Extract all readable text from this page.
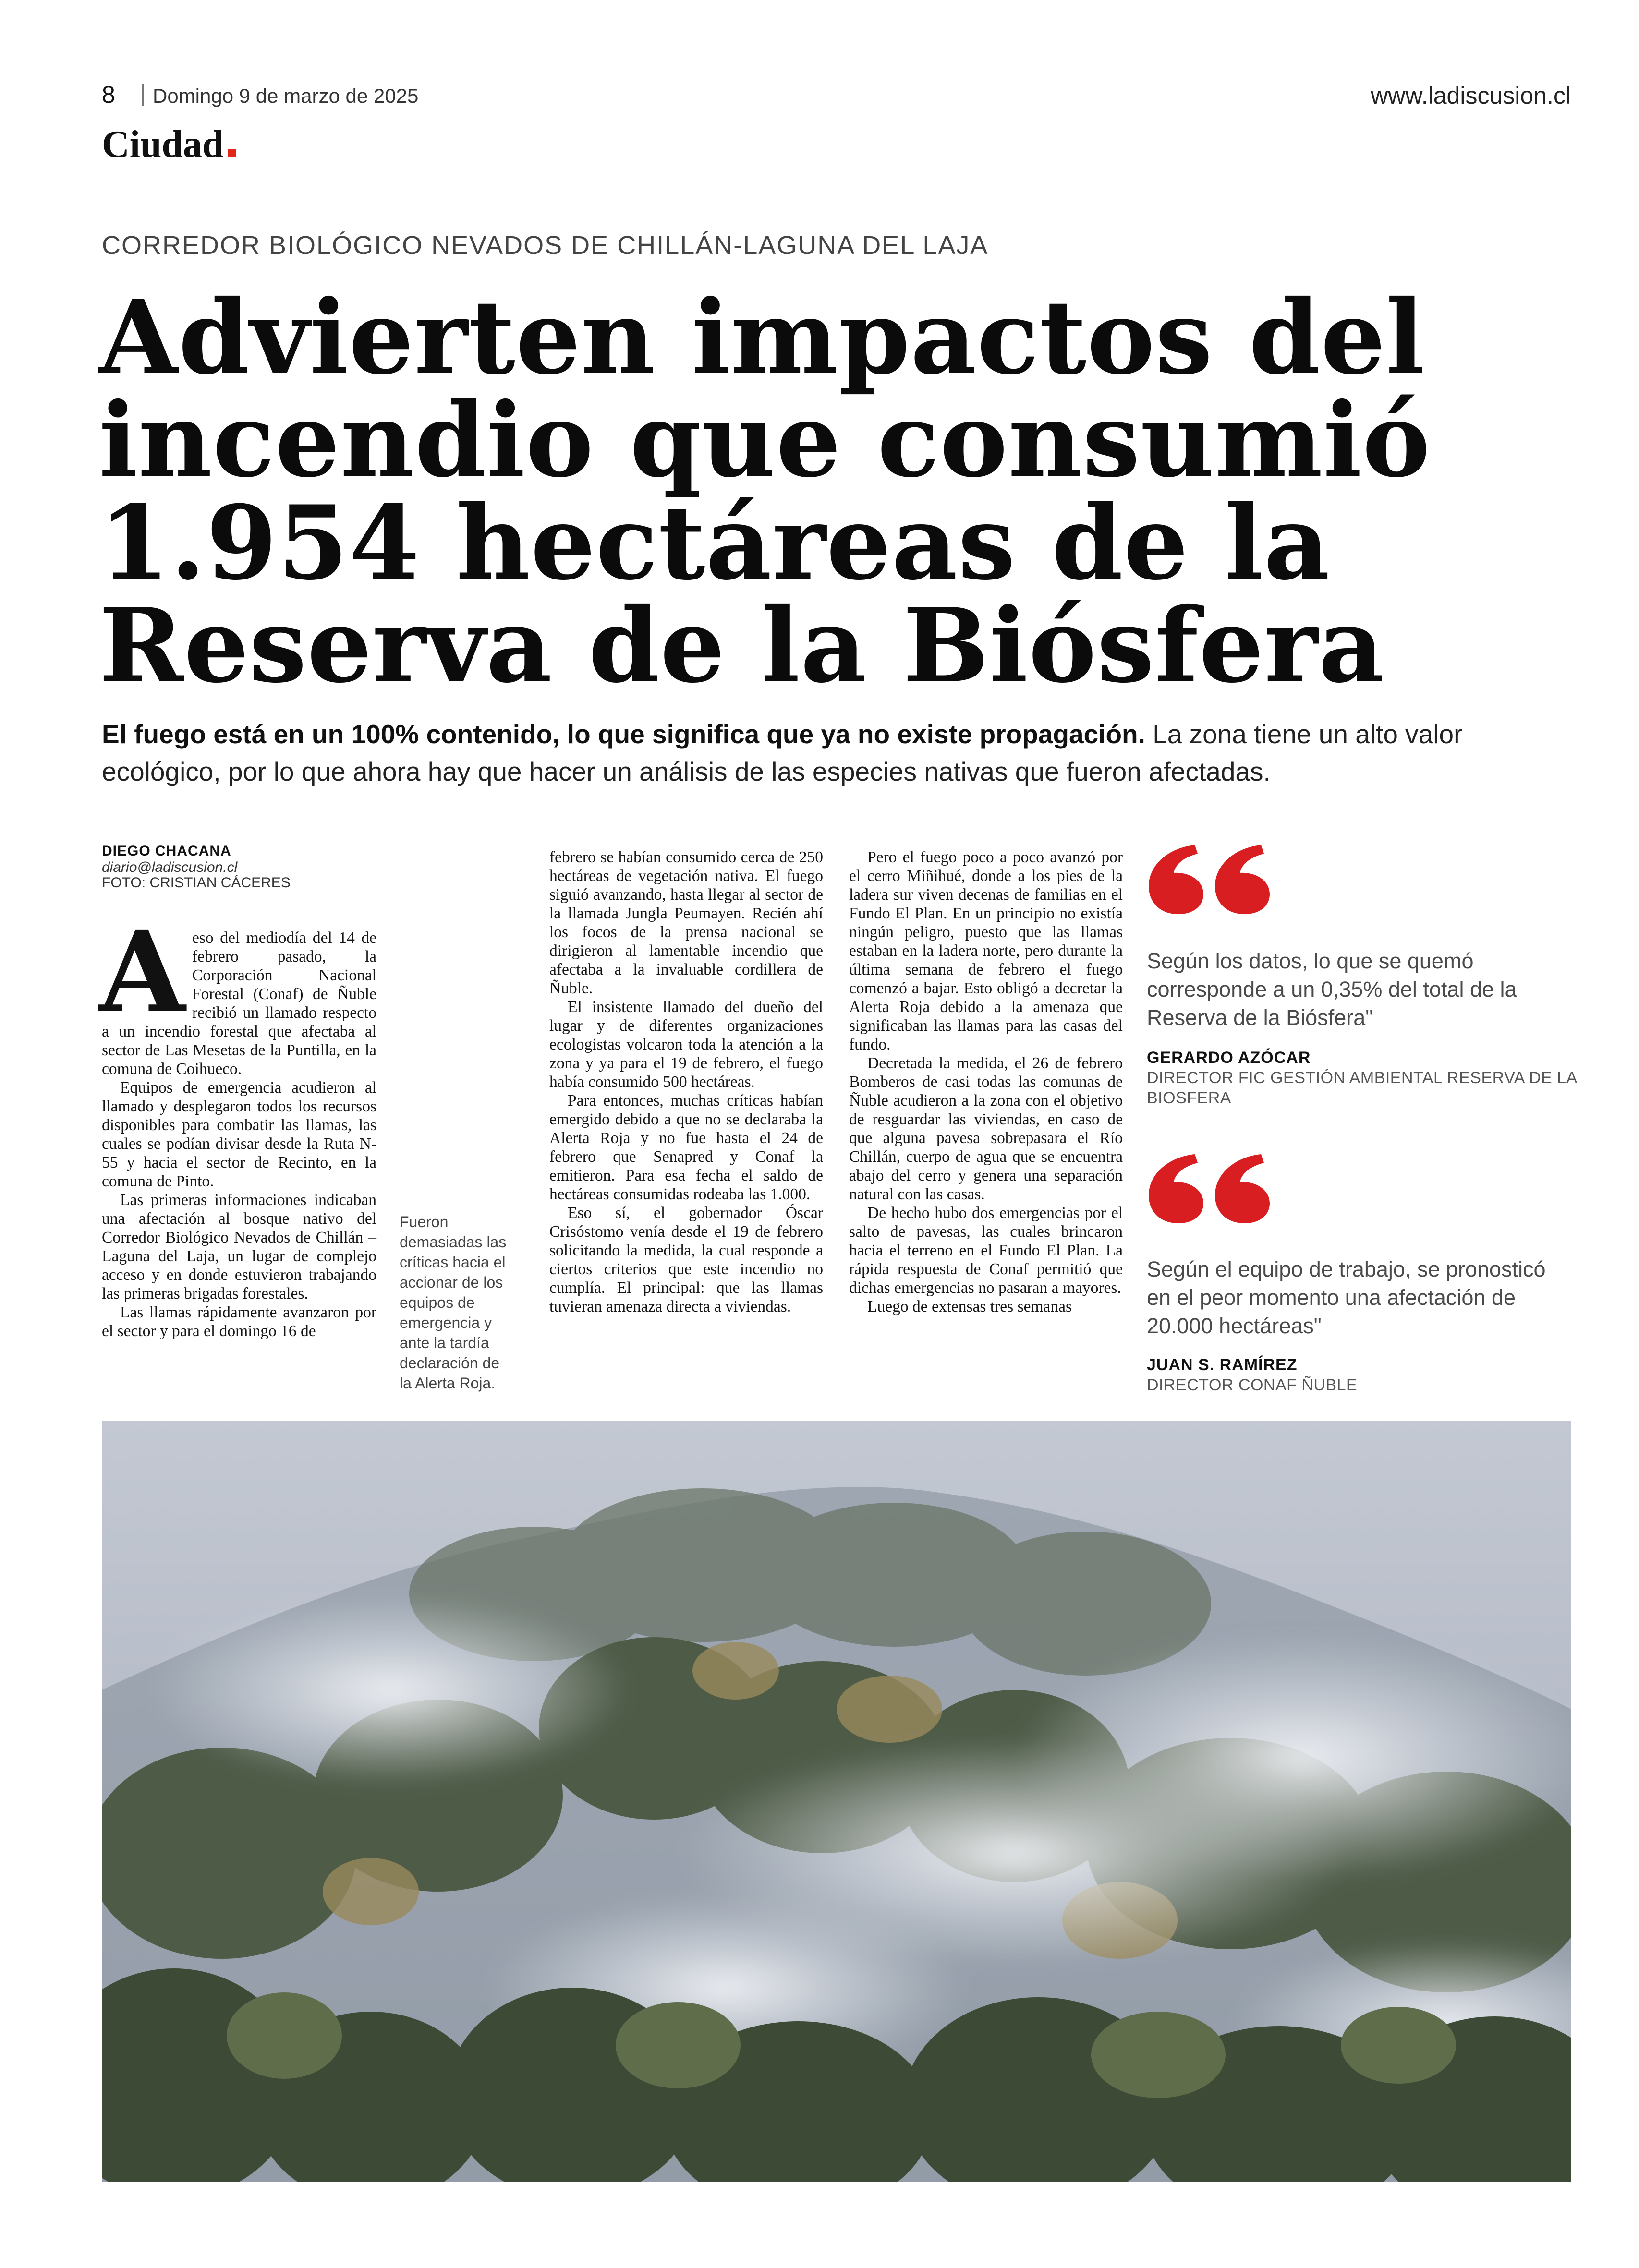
8 Domingo 9 de marzo de 2025	www.ladiscusion.cl
Ciudad
CORREDOR BIOLÓGICO NEVADOS DE CHILLÁN-LAGUNA DEL LAJA
Advierten impactos del
incendio que consumió
1.954 hectáreas de la
Reserva de la Biósfera
El fuego está en un 100% contenido, lo que significa que ya no existe propagación. La zona tiene un alto valor ecológico, por lo que ahora hay que hacer un análisis de las especies nativas que fueron afectadas.
DIEGO CHACANA
diario@ladiscusion.cl
FOTO: CRISTIAN CÁCERES

Aeso del mediodía del 14 de febrero pasado, la Corporación Nacional Forestal (Conaf) de Ñuble recibió un llamado respecto a un incendio forestal que afectaba al sector de Las Mesetas de la Puntilla, en la comuna de Coihueco.

Equipos de emergencia acudieron al llamado y desplegaron todos los recursos disponibles para combatir las llamas, las cuales se podían divisar desde la Ruta N-55 y hacia el sector de Recinto, en la comuna de Pinto.

Las primeras informaciones indicaban una afectación al bosque nativo del Corredor Biológico Nevados de Chillán – Laguna del Laja, un lugar de complejo acceso y en donde estuvieron trabajando las primeras brigadas forestales.

Las llamas rápidamente avanzaron por el sector y para el domingo 16 de

Fueron demasiadas las críticas hacia el accionar de los equipos de emergencia y ante la tardía declaración de la Alerta Roja.

febrero se habían consumido cerca de 250 hectáreas de vegetación nativa. El fuego siguió avanzando, hasta llegar al sector de la llamada Jungla Peumayen. Recién ahí los focos de la prensa nacional se dirigieron al lamentable incendio que afectaba a la invaluable cordillera de Ñuble.

El insistente llamado del dueño del lugar y de diferentes organizaciones ecologistas volcaron toda la atención a la zona y ya para el 19 de febrero, el fuego había consumido 500 hectáreas.

Para entonces, muchas críticas habían emergido debido a que no se declaraba la Alerta Roja y no fue hasta el 24 de febrero que Senapred y Conaf la emitieron. Para esa fecha el saldo de hectáreas consumidas rodeaba las 1.000.

Eso sí, el gobernador Óscar Crisóstomo venía desde el 19 de febrero solicitando la medida, la cual responde a ciertos criterios que este incendio no cumplía. El principal: que las llamas tuvieran amenaza directa a viviendas.

Pero el fuego poco a poco avanzó por el cerro Miñihué, donde a los pies de la ladera sur viven decenas de familias en el Fundo El Plan. En un principio no existía ningún peligro, puesto que las llamas estaban en la ladera norte, pero durante la última semana de febrero el fuego comenzó a bajar. Esto obligó a decretar la Alerta Roja debido a la amenaza que significaban las llamas para las casas del fundo.

Decretada la medida, el 26 de febrero Bomberos de casi todas las comunas de Ñuble acudieron a la zona con el objetivo de resguardar las viviendas, en caso de que alguna pavesa sobrepasara el Río Chillán, cuerpo de agua que se encuentra abajo del cerro y genera una separación natural con las casas.

De hecho hubo dos emergencias por el salto de pavesas, las cuales brincaron hacia el terreno en el Fundo El Plan. La rápida respuesta de Conaf permitió que dichas emergencias no pasaran a mayores.

Luego de extensas tres semanas

Según los datos, lo que se quemó corresponde a un 0,35% del total de la Reserva de la Biósfera"
GERARDO AZÓCAR
DIRECTOR FIC GESTIÓN AMBIENTAL RESERVA DE LA BIOSFERA
Según el equipo de trabajo, se pronosticó en el peor momento una afectación de 20.000 hectáreas"
JUAN S. RAMÍREZ
DIRECTOR CONAF ÑUBLE
